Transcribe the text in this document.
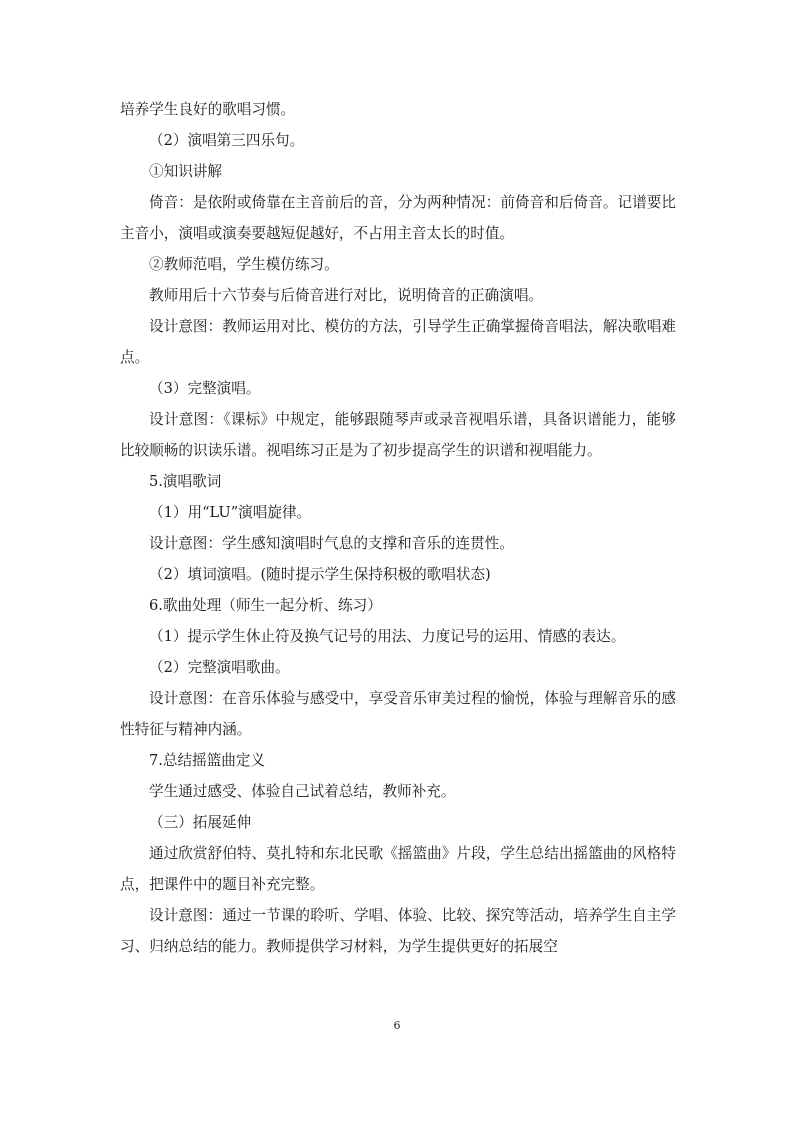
培养学生良好的歌唱习惯。

（2）演唱第三四乐句。

①知识讲解

倚音：是依附或倚靠在主音前后的音，分为两种情况：前倚音和后倚音。记谱要比主音小，演唱或演奏要越短促越好，不占用主音太长的时值。

②教师范唱，学生模仿练习。

教师用后十六节奏与后倚音进行对比，说明倚音的正确演唱。

设计意图：教师运用对比、模仿的方法，引导学生正确掌握倚音唱法，解决歌唱难点。

（3）完整演唱。

设计意图：《课标》中规定，能够跟随琴声或录音视唱乐谱，具备识谱能力，能够比较顺畅的识读乐谱。视唱练习正是为了初步提高学生的识谱和视唱能力。

5.演唱歌词

（1）用“LU”演唱旋律。

设计意图：学生感知演唱时气息的支撑和音乐的连贯性。

（2）填词演唱。(随时提示学生保持积极的歌唱状态)

6.歌曲处理（师生一起分析、练习）

（1）提示学生休止符及换气记号的用法、力度记号的运用、情感的表达。

（2）完整演唱歌曲。

设计意图：在音乐体验与感受中，享受音乐审美过程的愉悦，体验与理解音乐的感性特征与精神内涵。

7.总结摇篮曲定义

学生通过感受、体验自己试着总结，教师补充。

（三）拓展延伸

通过欣赏舒伯特、莫扎特和东北民歌《摇篮曲》片段，学生总结出摇篮曲的风格特点，把课件中的题目补充完整。

设计意图：通过一节课的聆听、学唱、体验、比较、探究等活动，培养学生自主学习、归纳总结的能力。教师提供学习材料，为学生提供更好的拓展空

6
